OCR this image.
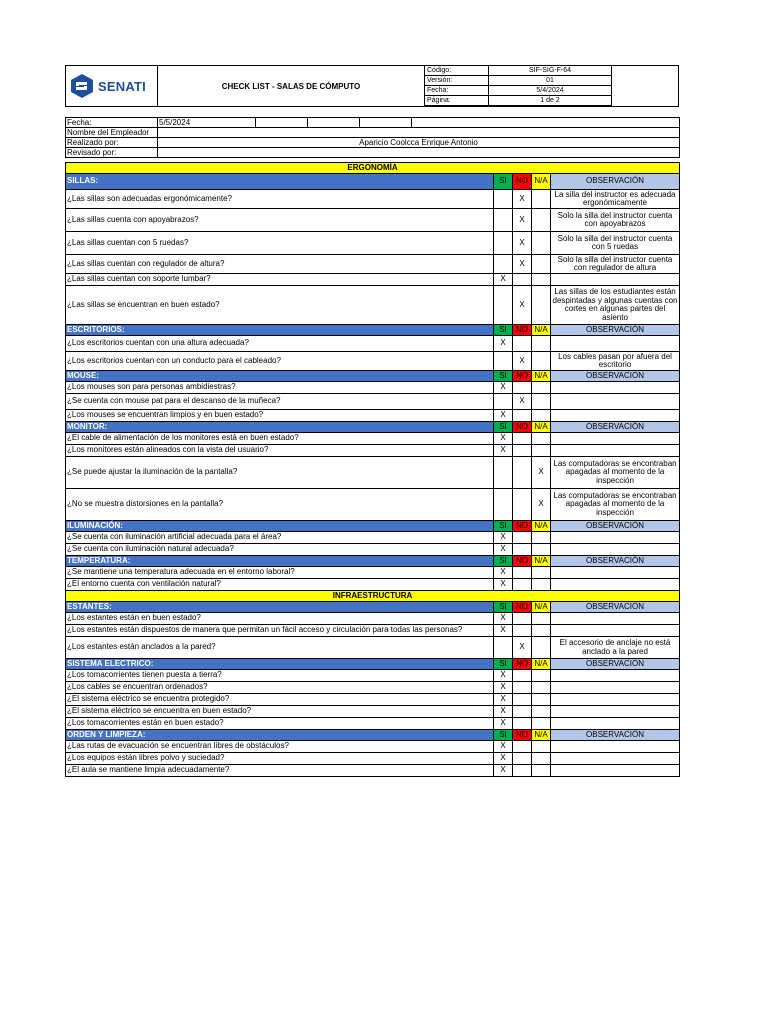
SENATI	CHECK LIST - SALAS DE CÓMPUTO
Código:	SIF-SIG-F-64
Versión:	01
Fecha:	5/4/2024
Página:	1 de 2
Fecha:	5/5/2024				
Nombre del Empleador					
Realizado por:	Aparicio Coolcca Enrique Antonio				
Revisado por:					
ERGONOMÍA				
SILLAS:	SI	NO	N/A	OBSERVACIÓN
¿Las sillas son adecuadas ergonómicamente?		X		La silla del instructor es adecuada ergonómicamente
¿Las sillas cuenta con apoyabrazos?		X		Solo la silla del instructor cuenta con apoyabrazos
¿Las sillas cuentan con 5 ruedas?		X		Solo la silla del instructor cuenta con 5 ruedas
¿Las sillas cuentan con regulador de altura?		X		Solo la silla del instructor cuenta con regulador de altura
¿Las sillas cuentan con soporte lumbar?	X			
¿Las sillas se encuentran en buen estado?		X		Las sillas de los estudiantes están despintadas y algunas cuentas con cortes en algunas partes del asiento
ESCRITORIOS:	SI	NO	N/A	OBSERVACIÓN
¿Los escritorios cuentan con una altura adecuada?	X			
¿Los escritorios cuentan con un conducto para el cableado?		X		Los cables pasan por afuera del escritorio
MOUSE:	SI	NO	N/A	OBSERVACIÓN
¿Los mouses son para personas ambidiestras?	X			
¿Se cuenta con mouse pat para el descanso de la muñeca?		X		
¿Los mouses se encuentran limpios y en buen estado?	X			
MONITOR:	SI	NO	N/A	OBSERVACIÓN
¿El cable de alimentación de los monitores está en buen estado?	X			
¿Los monitores están alineados con la vista del usuario?	X			
¿Se puede ajustar la iluminación de la pantalla?			X	Las computadoras se encontraban apagadas al momento de la inspección
¿No se muestra distorsiones en la pantalla?			X	Las computadoras se encontraban apagadas al momento de la inspección
ILUMINACIÓN:	SI	NO	N/A	OBSERVACIÓN
¿Se cuenta con iluminación artificial adecuada para el área?	X			
¿Se cuenta con iluminación natural adecuada?	X			
TEMPERATURA:	SI	NO	N/A	OBSERVACIÓN
¿Se mantiene una temperatura adecuada en el entorno laboral?	X			
¿El entorno cuenta con ventilación natural?	X			
INFRAESTRUCTURA				
ESTANTES:	SI	NO	N/A	OBSERVACIÓN
¿Los estantes están en buen estado?	X			
¿Los estantes están dispuestos de manera que permitan un fácil acceso y circulación para todas las personas?	X			
¿Los estantes están anclados a la pared?		X		El accesorio de anclaje no está anclado a la pared
SISTEMA ELECTRICO:	SI	NO	N/A	OBSERVACIÓN
¿Los tomacorrientes tienen puesta a tierra?	X			
¿Los cables se encuentran ordenados?	X			
¿El sistema eléctrico se encuentra protegido?	X			
¿El sistema eléctrico se encuentra en buen estado?	X			
¿Los tomacorrientes están en buen estado?	X			
ORDEN Y LIMPIEZA:	SI	NO	N/A	OBSERVACIÓN
¿Las rutas de evacuación se encuentran libres de obstáculos?	X			
¿Los equipos están libres polvo y suciedad?	X			
¿El aula se mantiene limpia adecuadamente?	X			
